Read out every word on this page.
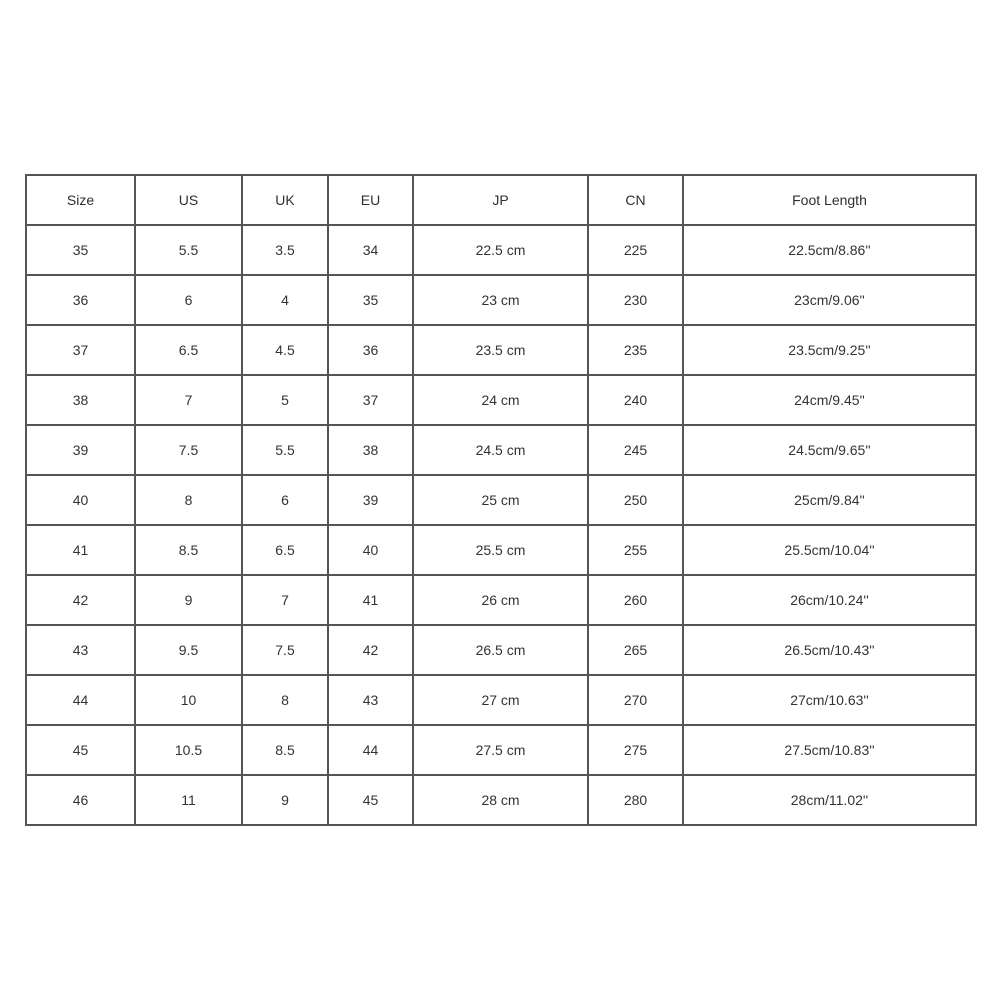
Size	US	UK	EU	JP	CN	Foot Length
35	5.5	3.5	34	22.5 cm	225	22.5cm/8.86''
36	6	4	35	23 cm	230	23cm/9.06''
37	6.5	4.5	36	23.5 cm	235	23.5cm/9.25''
38	7	5	37	24 cm	240	24cm/9.45''
39	7.5	5.5	38	24.5 cm	245	24.5cm/9.65''
40	8	6	39	25 cm	250	25cm/9.84''
41	8.5	6.5	40	25.5 cm	255	25.5cm/10.04''
42	9	7	41	26 cm	260	26cm/10.24''
43	9.5	7.5	42	26.5 cm	265	26.5cm/10.43''
44	10	8	43	27 cm	270	27cm/10.63''
45	10.5	8.5	44	27.5 cm	275	27.5cm/10.83''
46	11	9	45	28 cm	280	28cm/11.02''
